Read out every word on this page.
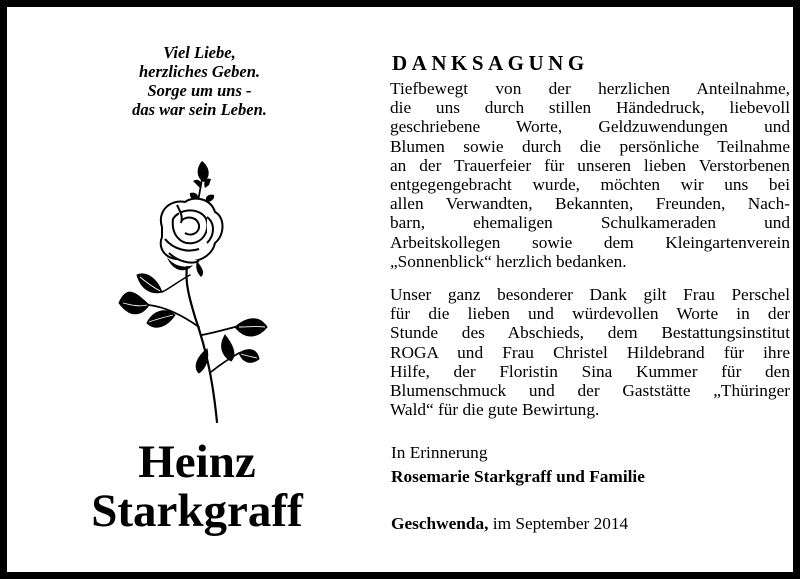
Viel Liebe,
herzliches Geben.
Sorge um uns -
das war sein Leben.
Heinz
Starkgraff
DANKSAGUNG
Tiefbewegt von der herzlichen Anteilnahme,
die uns durch stillen Händedruck, liebevoll
geschriebene Worte, Geldzuwendungen und
Blumen sowie durch die persönliche Teilnahme
an der Trauerfeier für unseren lieben Verstorbenen
entgegengebracht wurde, möchten wir uns bei
allen Verwandten, Bekannten, Freunden, Nach-
barn, ehemaligen Schulkameraden und
Arbeitskollegen sowie dem Kleingartenverein
„Sonnenblick“ herzlich bedanken.
Unser ganz besonderer Dank gilt Frau Perschel
für die lieben und würdevollen Worte in der
Stunde des Abschieds, dem Bestattungsinstitut
ROGA und Frau Christel Hildebrand für ihre
Hilfe, der Floristin Sina Kummer für den
Blumenschmuck und der Gaststätte „Thüringer
Wald“ für die gute Bewirtung.
In Erinnerung
Rosemarie Starkgraff und Familie
Geschwenda, im September 2014
